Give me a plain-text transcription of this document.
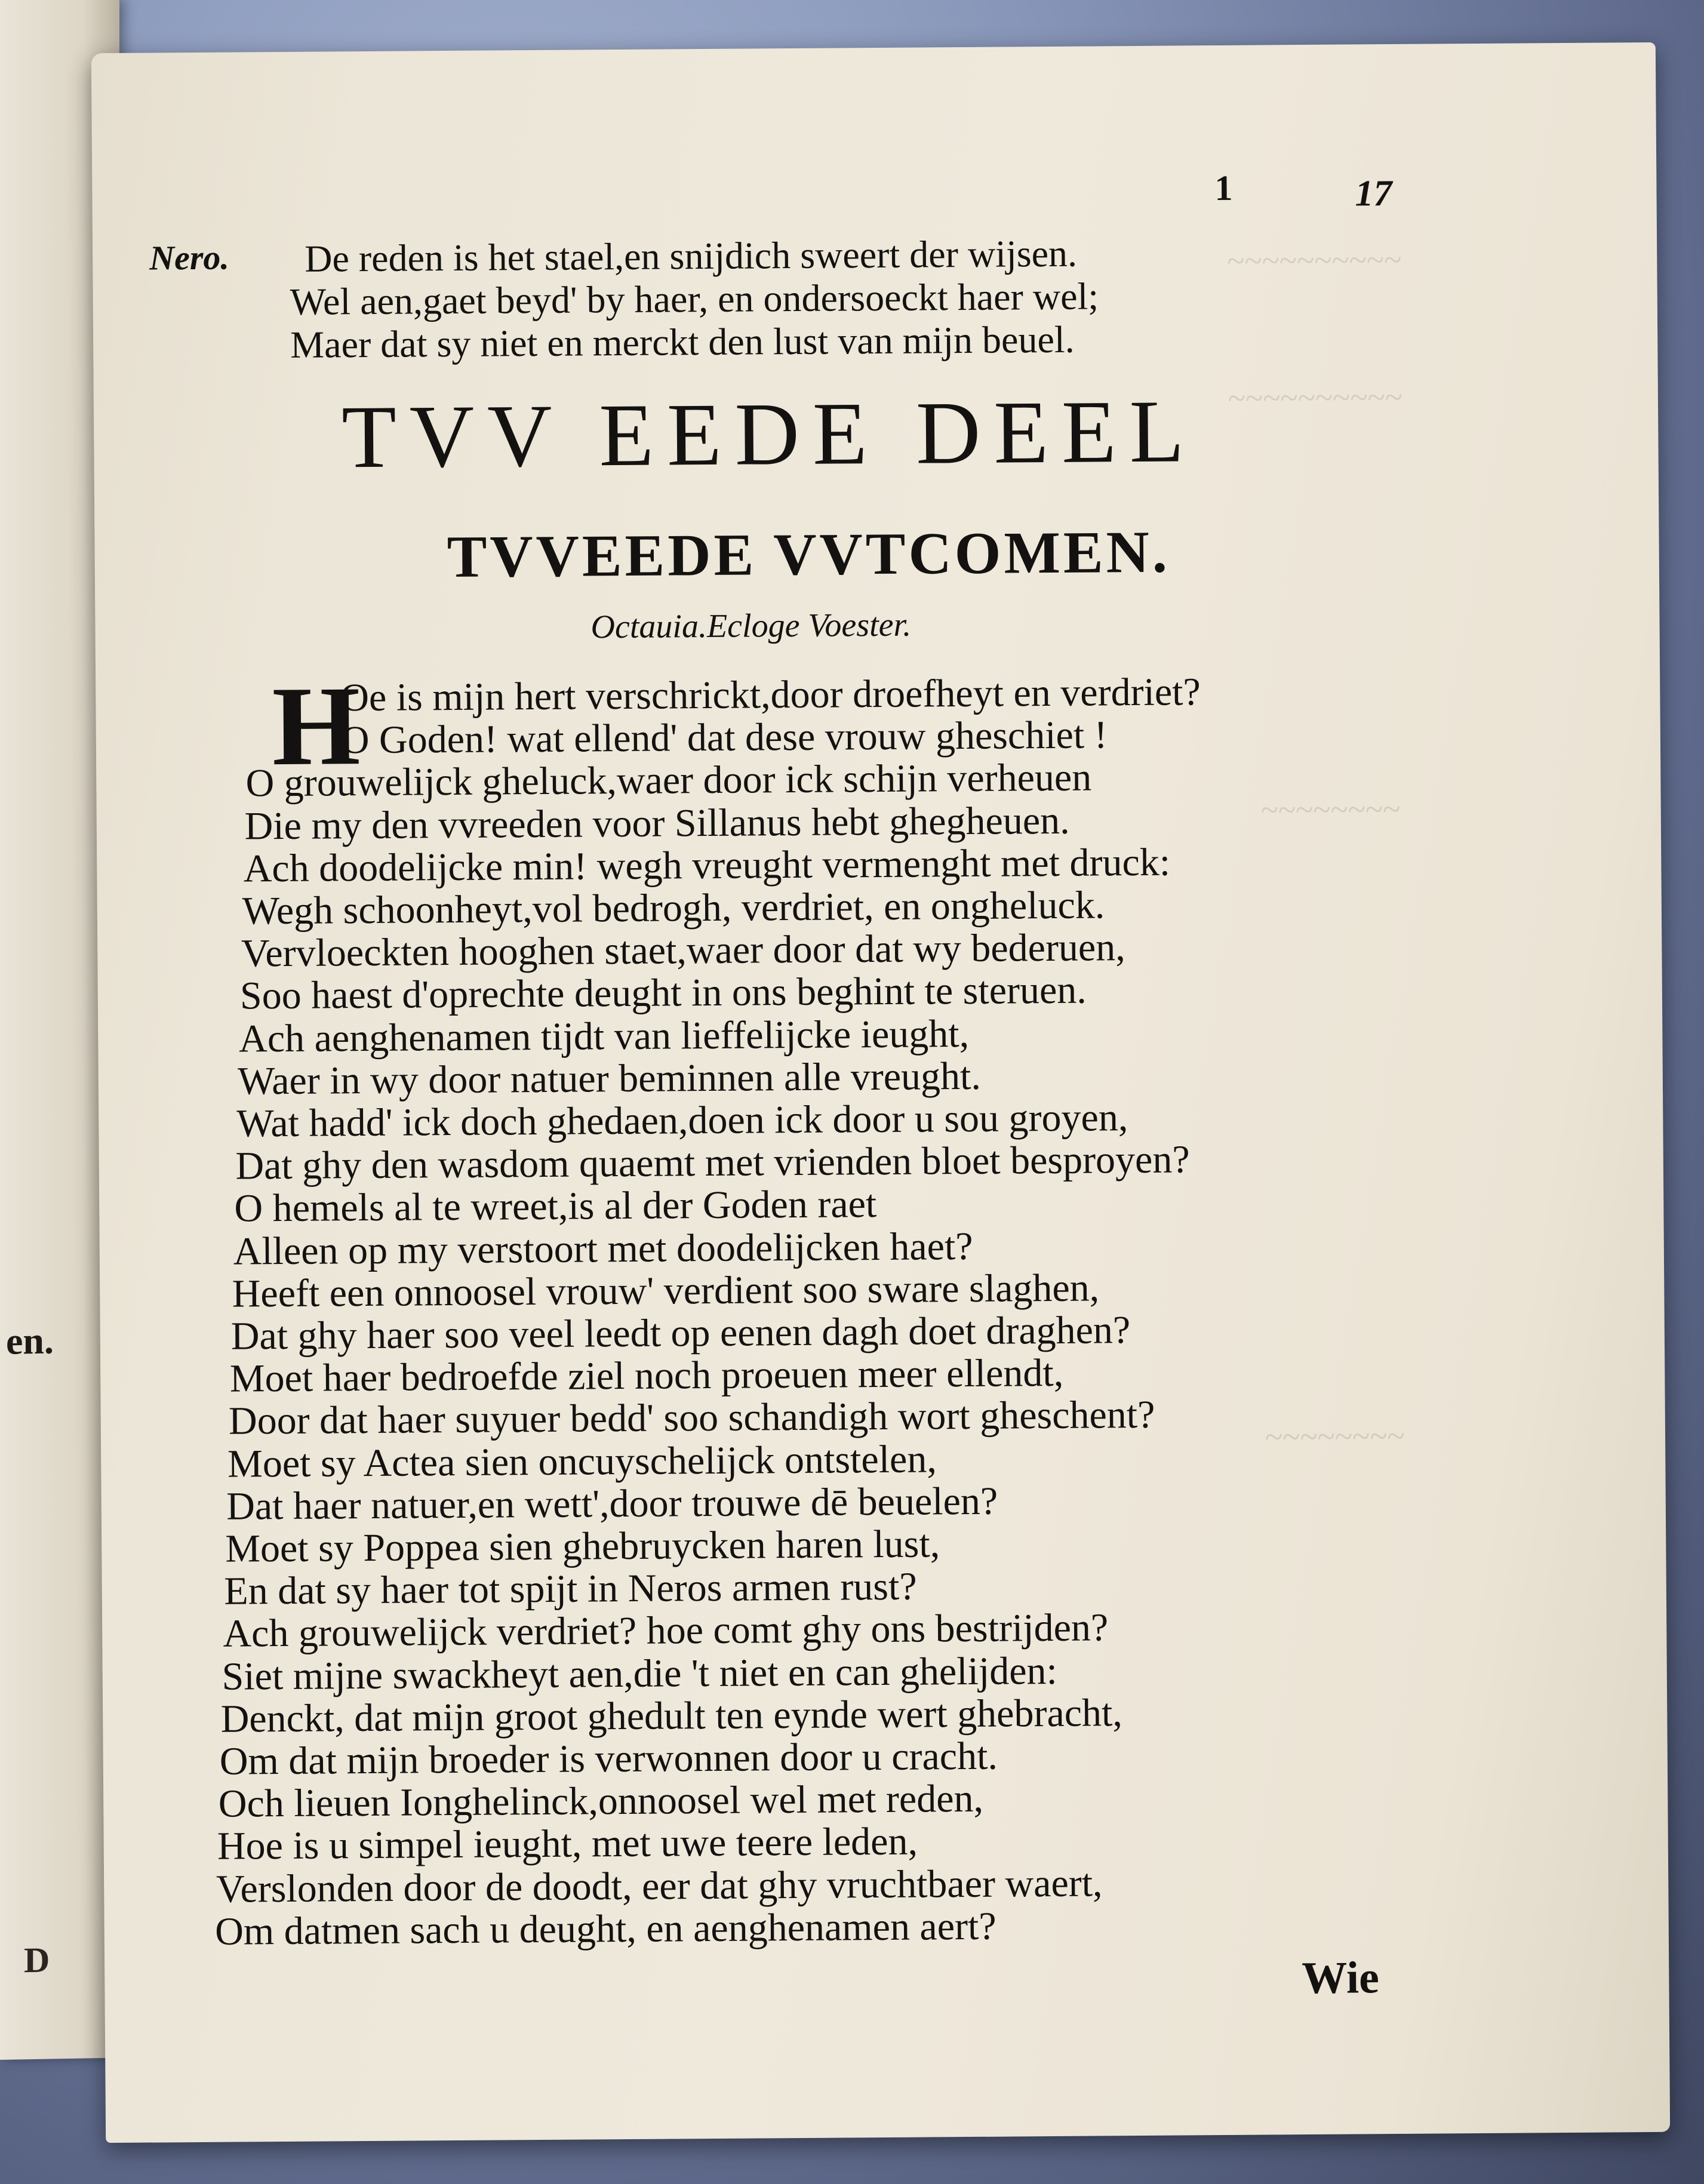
en.
D
~~~~~~~~~~
~~~~~~~~~~
~~~~~~~~
~~~~~~~~
1	17
Nero. De reden is het stael,en snijdich sweert der wijsen.
Wel aen,gaet beyd' by haer, en ondersoeckt haer wel;
Maer dat sy niet en merckt den lust van mijn beuel.
TVV EEDE DEEL
TVVEEDE VVTCOMEN.
Octauia.Ecloge Voester.
H
Oe is mijn hert verschrickt,door droefheyt en verdriet?
O Goden! wat ellend' dat dese vrouw gheschiet !
O grouwelijck gheluck,waer door ick schijn verheuen
Die my den vvreeden voor Sillanus hebt ghegheuen.
Ach doodelijcke min! wegh vreught vermenght met druck:
Wegh schoonheyt,vol bedrogh, verdriet, en ongheluck.
Vervloeckten hooghen staet,waer door dat wy bederuen,
Soo haest d'oprechte deught in ons beghint te steruen.
Ach aenghenamen tijdt van lieffelijcke ieught,
Waer in wy door natuer beminnen alle vreught.
Wat hadd' ick doch ghedaen,doen ick door u sou groyen,
Dat ghy den wasdom quaemt met vrienden bloet besproyen?
O hemels al te wreet,is al der Goden raet
Alleen op my verstoort met doodelijcken haet?
Heeft een onnoosel vrouw' verdient soo sware slaghen,
Dat ghy haer soo veel leedt op eenen dagh doet draghen?
Moet haer bedroefde ziel noch proeuen meer ellendt,
Door dat haer suyuer bedd' soo schandigh wort gheschent?
Moet sy Actea sien oncuyschelijck ontstelen,
Dat haer natuer,en wett',door trouwe dē beuelen?
Moet sy Poppea sien ghebruycken haren lust,
En dat sy haer tot spijt in Neros armen rust?
Ach grouwelijck verdriet? hoe comt ghy ons bestrijden?
Siet mijne swackheyt aen,die 't niet en can ghelijden:
Denckt, dat mijn groot ghedult ten eynde wert ghebracht,
Om dat mijn broeder is verwonnen door u cracht.
Och lieuen Ionghelinck,onnoosel wel met reden,
Hoe is u simpel ieught, met uwe teere leden,
Verslonden door de doodt, eer dat ghy vruchtbaer waert,
Om datmen sach u deught, en aenghenamen aert?
Wie
